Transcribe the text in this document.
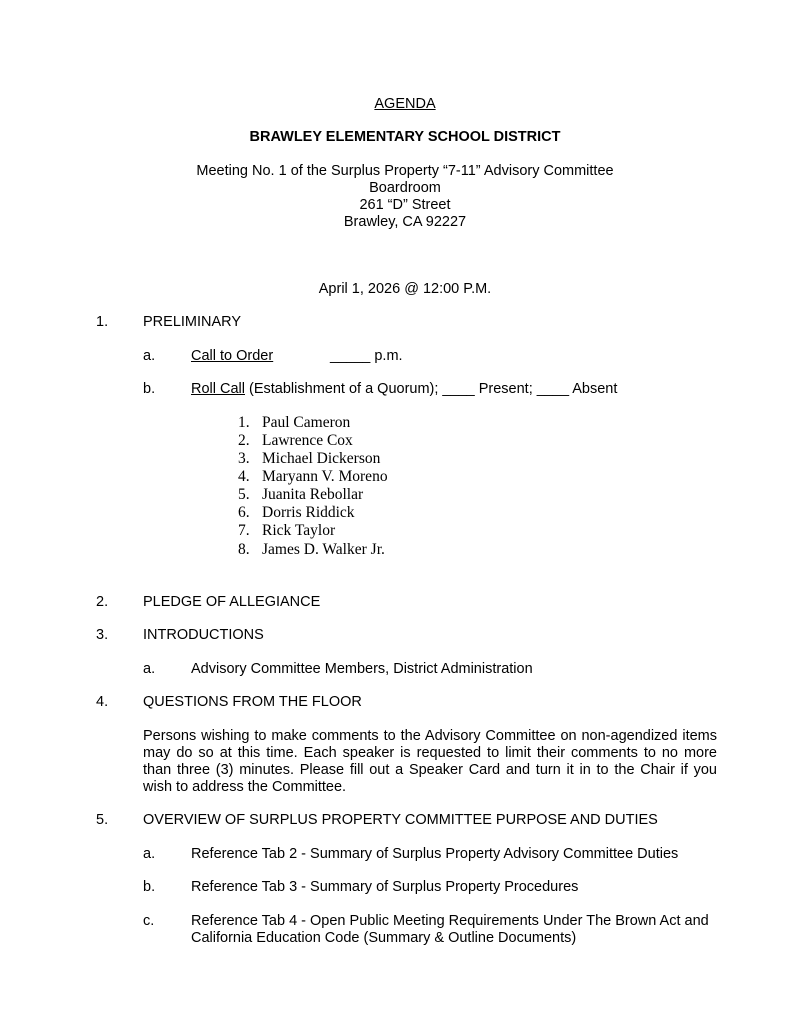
AGENDA
BRAWLEY ELEMENTARY SCHOOL DISTRICT
Meeting No. 1 of the Surplus Property “7-11” Advisory Committee
Boardroom
261 “D” Street
Brawley, CA 92227
April 1, 2026 @ 12:00 P.M.
1. PRELIMINARY
a. Call to Order	_____ p.m.
b. Roll Call (Establishment of a Quorum); ____ Present; ____ Absent
1. Paul Cameron
2. Lawrence Cox
3. Michael Dickerson
4. Maryann V. Moreno
5. Juanita Rebollar
6. Dorris Riddick
7. Rick Taylor
8. James D. Walker Jr.
2. PLEDGE OF ALLEGIANCE
3. INTRODUCTIONS
a. Advisory Committee Members, District Administration
4. QUESTIONS FROM THE FLOOR
Persons wishing to make comments to the Advisory Committee on non-agendized items
may do so at this time. Each speaker is requested to limit their comments to no more
than three (3) minutes. Please fill out a Speaker Card and turn it in to the Chair if you
wish to address the Committee.
5. OVERVIEW OF SURPLUS PROPERTY COMMITTEE PURPOSE AND DUTIES
a. Reference Tab 2 - Summary of Surplus Property Advisory Committee Duties
b. Reference Tab 3 - Summary of Surplus Property Procedures
c.	Reference Tab 4 - Open Public Meeting Requirements Under The Brown Act and
California Education Code (Summary & Outline Documents)
